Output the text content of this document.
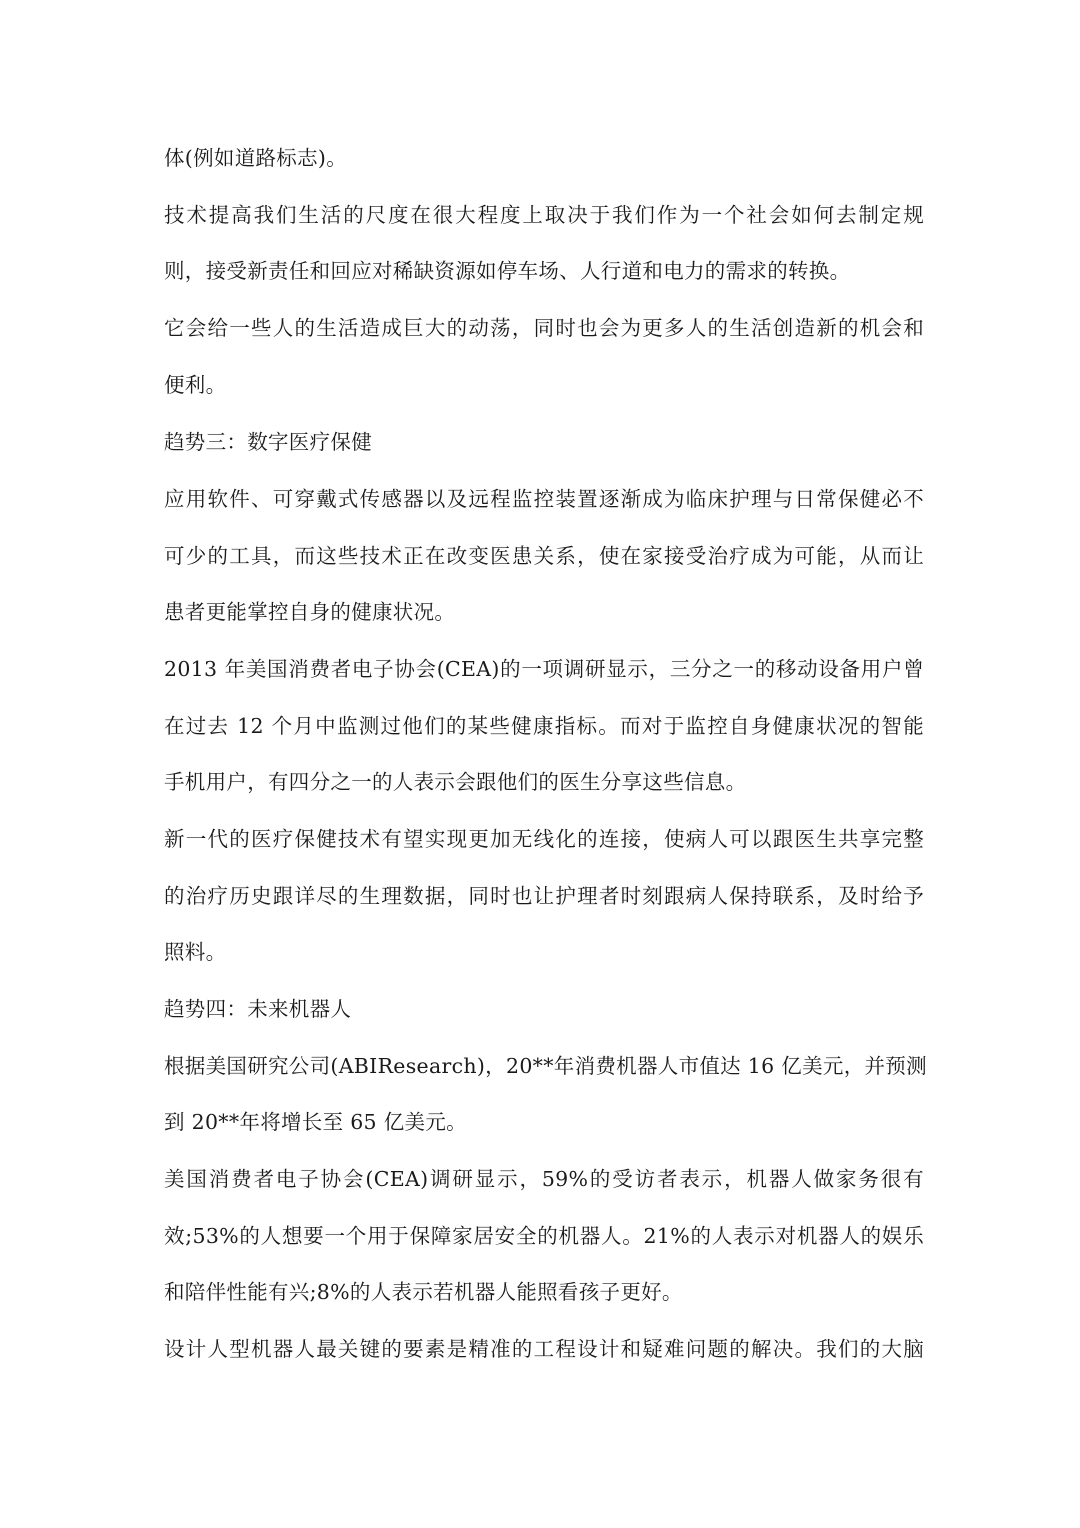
体(例如道路标志)。
技术提高我们生活的尺度在很大程度上取决于我们作为一个社会如何去制定规
则，接受新责任和回应对稀缺资源如停车场、人行道和电力的需求的转换。
它会给一些人的生活造成巨大的动荡，同时也会为更多人的生活创造新的机会和
便利。
趋势三：数字医疗保健
应用软件、可穿戴式传感器以及远程监控装置逐渐成为临床护理与日常保健必不
可少的工具，而这些技术正在改变医患关系，使在家接受治疗成为可能，从而让
患者更能掌控自身的健康状况。
2013 年美国消费者电子协会(CEA)的一项调研显示，三分之一的移动设备用户曾
在过去 12 个月中监测过他们的某些健康指标。而对于监控自身健康状况的智能
手机用户，有四分之一的人表示会跟他们的医生分享这些信息。
新一代的医疗保健技术有望实现更加无线化的连接，使病人可以跟医生共享完整
的治疗历史跟详尽的生理数据，同时也让护理者时刻跟病人保持联系，及时给予
照料。
趋势四：未来机器人
根据美国研究公司(ABIResearch)，20**年消费机器人市值达 16 亿美元，并预测
到 20**年将增长至 65 亿美元。
美国消费者电子协会(CEA)调研显示，59%的受访者表示，机器人做家务很有
效;53%的人想要一个用于保障家居安全的机器人。21%的人表示对机器人的娱乐
和陪伴性能有兴;8%的人表示若机器人能照看孩子更好。
设计人型机器人最关键的要素是精准的工程设计和疑难问题的解决。我们的大脑
